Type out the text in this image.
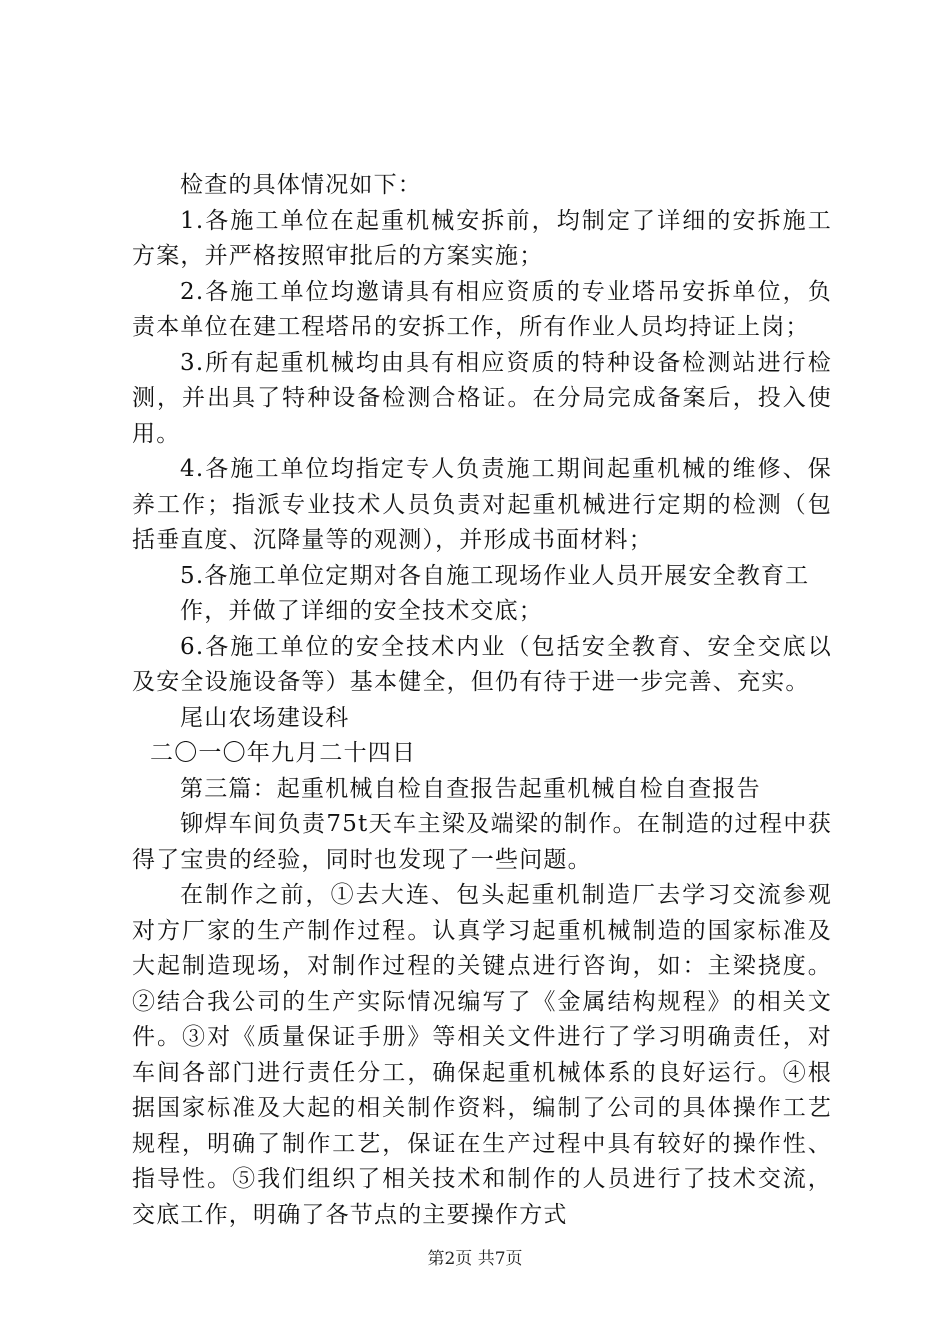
检查的具体情况如下：

1.各施工单位在起重机械安拆前，均制定了详细的安拆施工方案，并严格按照审批后的方案实施；

2.各施工单位均邀请具有相应资质的专业塔吊安拆单位，负责本单位在建工程塔吊的安拆工作，所有作业人员均持证上岗；

3.所有起重机械均由具有相应资质的特种设备检测站进行检测，并出具了特种设备检测合格证。在分局完成备案后，投入使用。

4.各施工单位均指定专人负责施工期间起重机械的维修、保养工作；指派专业技术人员负责对起重机械进行定期的检测（包括垂直度、沉降量等的观测），并形成书面材料；

5.各施工单位定期对各自施工现场作业人员开展安全教育工

作，并做了详细的安全技术交底；

6.各施工单位的安全技术内业（包括安全教育、安全交底以及安全设施设备等）基本健全，但仍有待于进一步完善、充实。

尾山农场建设科

二〇一〇年九月二十四日

第三篇：起重机械自检自查报告起重机械自检自查报告

铆焊车间负责75t天车主梁及端梁的制作。在制造的过程中获得了宝贵的经验，同时也发现了一些问题。

在制作之前，①去大连、包头起重机制造厂去学习交流参观对方厂家的生产制作过程。认真学习起重机械制造的国家标准及大起制造现场，对制作过程的关键点进行咨询，如：主梁挠度。②结合我公司的生产实际情况编写了《金属结构规程》的相关文件。③对《质量保证手册》等相关文件进行了学习明确责任，对车间各部门进行责任分工，确保起重机械体系的良好运行。④根据国家标准及大起的相关制作资料，编制了公司的具体操作工艺规程，明确了制作工艺，保证在生产过程中具有较好的操作性、指导性。⑤我们组织了相关技术和制作的人员进行了技术交流，交底工作，明确了各节点的主要操作方式

第2页 共7页
